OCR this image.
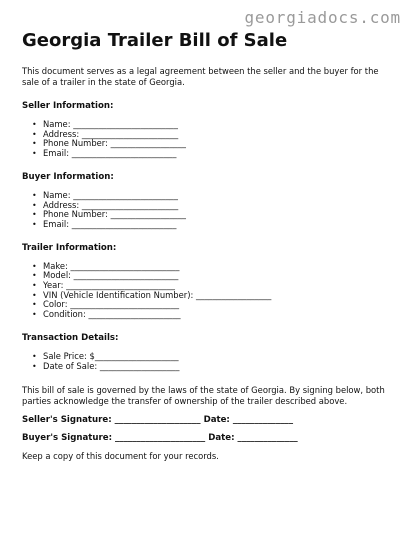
georgiadocs.com
Georgia Trailer Bill of Sale

This document serves as a legal agreement between the seller and the buyer for the sale of a trailer in the state of Georgia.

Seller Information:
• Name: _________________________
• Address: _______________________
• Phone Number: __________________
• Email: _________________________
Buyer Information:
• Name: _________________________
• Address: _______________________
• Phone Number: __________________
• Email: _________________________
Trailer Information:
• Make: __________________________
• Model: _________________________
• Year: __________________________
• VIN (Vehicle Identification Number): __________________
• Color: __________________________
• Condition: ______________________
Transaction Details:
• Sale Price: $____________________
• Date of Sale: ___________________

This bill of sale is governed by the laws of the state of Georgia. By signing below, both parties acknowledge the transfer of ownership of the trailer described above.

Seller's Signature: ____________________ Date: ______________
Buyer's Signature: _____________________ Date: ______________

Keep a copy of this document for your records.
